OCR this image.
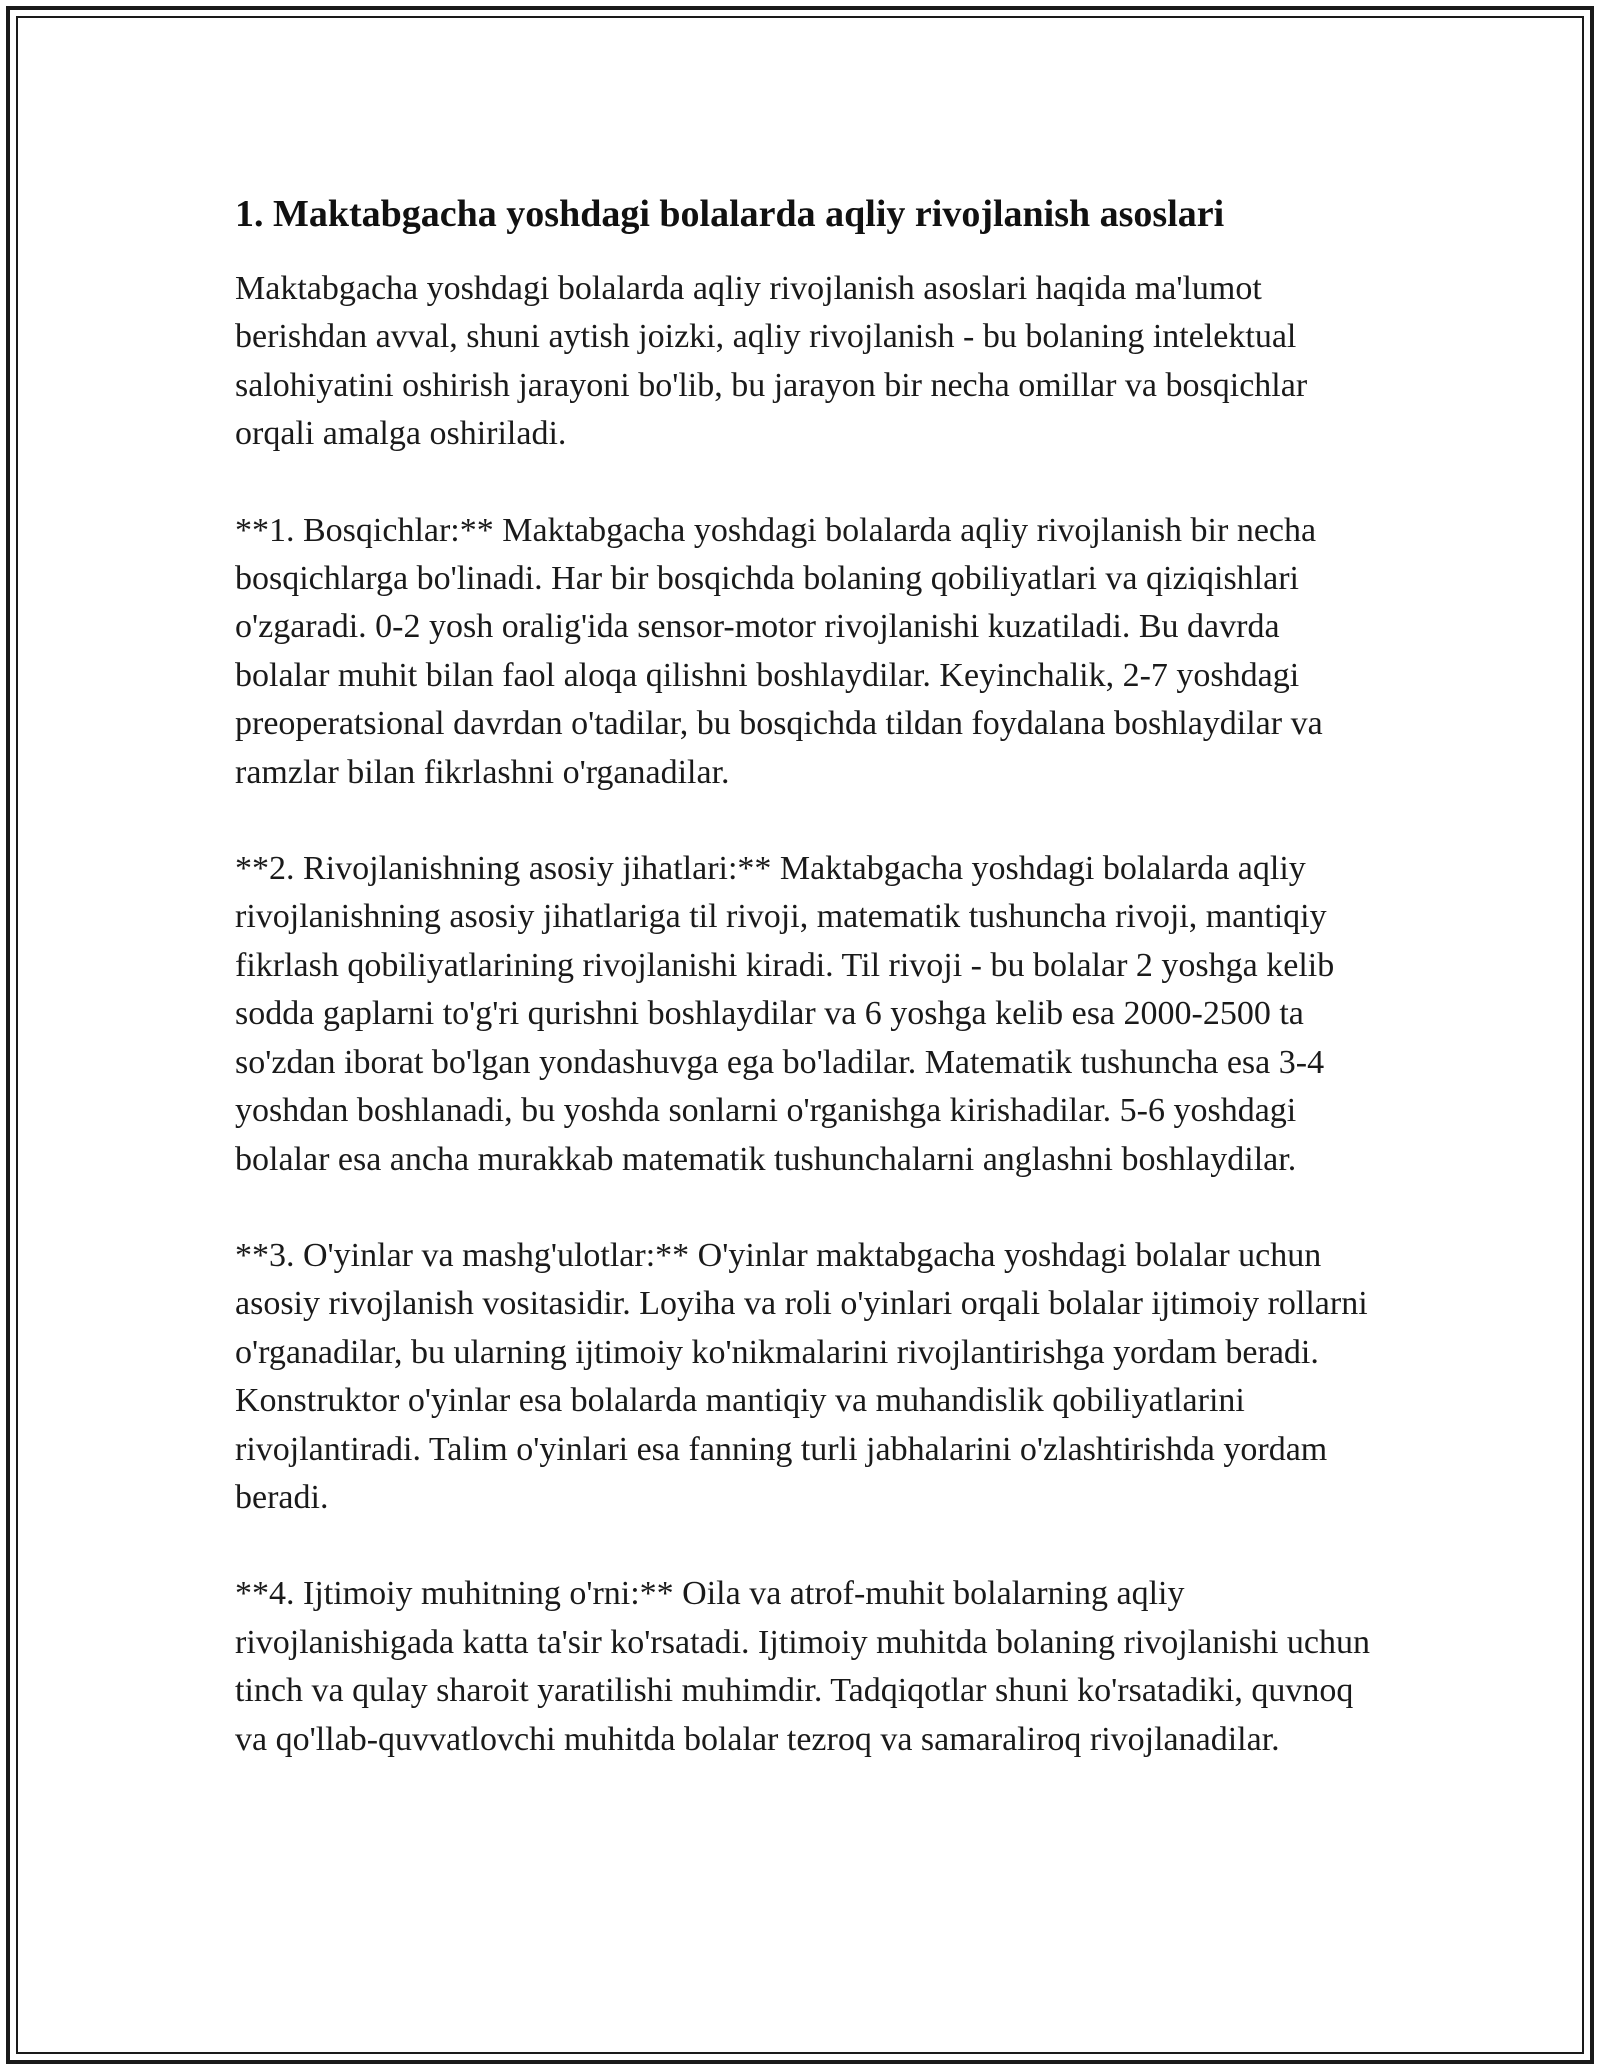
1. Maktabgacha yoshdagi bolalarda aqliy rivojlanish asoslari

Maktabgacha yoshdagi bolalarda aqliy rivojlanish asoslari haqida ma'lumot berishdan avval, shuni aytish joizki, aqliy rivojlanish - bu bolaning intelektual salohiyatini oshirish jarayoni bo'lib, bu jarayon bir necha omillar va bosqichlar orqali amalga oshiriladi.

**1. Bosqichlar:** Maktabgacha yoshdagi bolalarda aqliy rivojlanish bir necha bosqichlarga bo'linadi. Har bir bosqichda bolaning qobiliyatlari va qiziqishlari o'zgaradi. 0-2 yosh oralig'ida sensor-motor rivojlanishi kuzatiladi. Bu davrda bolalar muhit bilan faol aloqa qilishni boshlaydilar. Keyinchalik, 2-7 yoshdagi preoperatsional davrdan o'tadilar, bu bosqichda tildan foydalana boshlaydilar va ramzlar bilan fikrlashni o'rganadilar.

**2. Rivojlanishning asosiy jihatlari:** Maktabgacha yoshdagi bolalarda aqliy rivojlanishning asosiy jihatlariga til rivoji, matematik tushuncha rivoji, mantiqiy fikrlash qobiliyatlarining rivojlanishi kiradi. Til rivoji - bu bolalar 2 yoshga kelib sodda gaplarni to'g'ri qurishni boshlaydilar va 6 yoshga kelib esa 2000-2500 ta so'zdan iborat bo'lgan yondashuvga ega bo'ladilar. Matematik tushuncha esa 3-4 yoshdan boshlanadi, bu yoshda sonlarni o'rganishga kirishadilar. 5-6 yoshdagi bolalar esa ancha murakkab matematik tushunchalarni anglashni boshlaydilar.

**3. O'yinlar va mashg'ulotlar:** O'yinlar maktabgacha yoshdagi bolalar uchun asosiy rivojlanish vositasidir. Loyiha va roli o'yinlari orqali bolalar ijtimoiy rollarni o'rganadilar, bu ularning ijtimoiy ko'nikmalarini rivojlantirishga yordam beradi. Konstruktor o'yinlar esa bolalarda mantiqiy va muhandislik qobiliyatlarini rivojlantiradi. Talim o'yinlari esa fanning turli jabhalarini o'zlashtirishda yordam beradi.

**4. Ijtimoiy muhitning o'rni:** Oila va atrof-muhit bolalarning aqliy rivojlanishigada katta ta'sir ko'rsatadi. Ijtimoiy muhitda bolaning rivojlanishi uchun tinch va qulay sharoit yaratilishi muhimdir. Tadqiqotlar shuni ko'rsatadiki, quvnoq va qo'llab-quvvatlovchi muhitda bolalar tezroq va samaraliroq rivojlanadilar.
